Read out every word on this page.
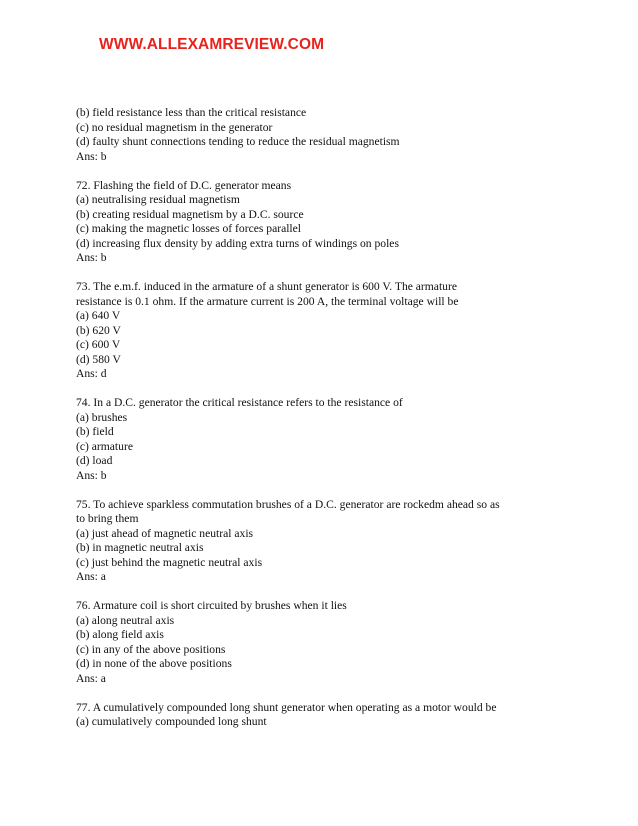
WWW.ALLEXAMREVIEW.COM
(b) field resistance less than the critical resistance
(c) no residual magnetism in the generator
(d) faulty shunt connections tending to reduce the residual magnetism
Ans: b
72. Flashing the field of D.C. generator means
(a) neutralising residual magnetism
(b) creating residual magnetism by a D.C. source
(c) making the magnetic losses of forces parallel
(d) increasing flux density by adding extra turns of windings on poles
Ans: b
73. The e.m.f. induced in the armature of a shunt generator is 600 V. The armature
resistance is 0.1 ohm. If the armature current is 200 A, the terminal voltage will be
(a) 640 V
(b) 620 V
(c) 600 V
(d) 580 V
Ans: d
74. In a D.C. generator the critical resistance refers to the resistance of
(a) brushes
(b) field
(c) armature
(d) load
Ans: b
75. To achieve sparkless commutation brushes of a D.C. generator are rockedm ahead so as
to bring them
(a) just ahead of magnetic neutral axis
(b) in magnetic neutral axis
(c) just behind the magnetic neutral axis
Ans: a
76. Armature coil is short circuited by brushes when it lies
(a) along neutral axis
(b) along field axis
(c) in any of the above positions
(d) in none of the above positions
Ans: a
77. A cumulatively compounded long shunt generator when operating as a motor would be
(a) cumulatively compounded long shunt
